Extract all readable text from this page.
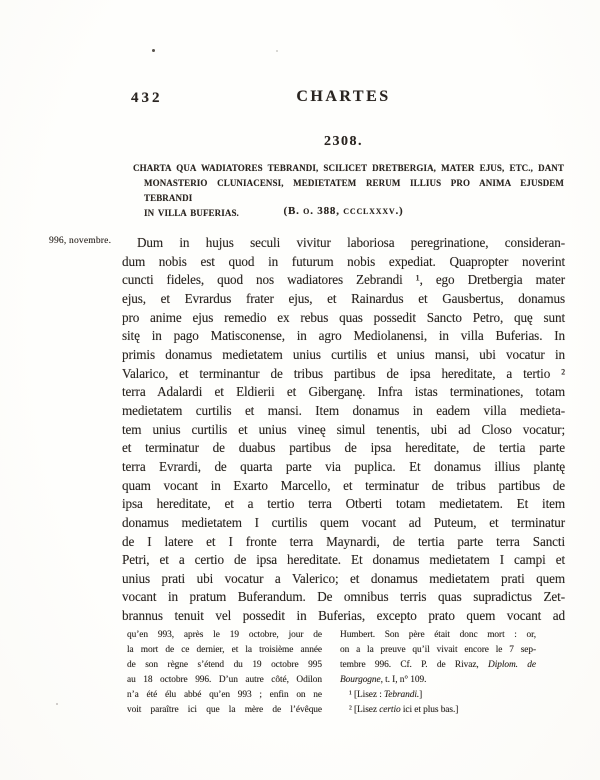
432	CHARTES
2308.
CHARTA QUA WADIATORES TEBRANDI, SCILICET DRETBERGIA, MATER EJUS, ETC., DANT
MONASTERIO CLUNIACENSI, MEDIETATEM RERUM ILLIUS PRO ANIMA EJUSDEM TEBRANDI
IN VILLA BUFERIAS.	(B. o. 388, ccclxxxv.)
996, novembre.	Dum in hujus seculi vivitur laboriosa peregrinatione, consideran-
dum nobis est quod in futurum nobis expediat. Quapropter noverint
cuncti fideles, quod nos wadiatores Zebrandi ¹, ego Dretbergia mater
ejus, et Evrardus frater ejus, et Rainardus et Gausbertus, donamus
pro anime ejus remedio ex rebus quas possedit Sancto Petro, quę sunt
sitę in pago Matisconense, in agro Mediolanensi, in villa Buferias. In
primis donamus medietatem unius curtilis et unius mansi, ubi vocatur in
Valarico, et terminantur de tribus partibus de ipsa hereditate, a tertio ²
terra Adalardi et Eldierii et Giberganę. Infra istas terminationes, totam
medietatem curtilis et mansi. Item donamus in eadem villa medieta-
tem unius curtilis et unius vineę simul tenentis, ubi ad Closo vocatur;
et terminatur de duabus partibus de ipsa hereditate, de tertia parte
terra Evrardi, de quarta parte via puplica. Et donamus illius plantę
quam vocant in Exarto Marcello, et terminatur de tribus partibus de
ipsa hereditate, et a tertio terra Otberti totam medietatem. Et item
donamus medietatem I curtilis quem vocant ad Puteum, et terminatur
de I latere et I fronte terra Maynardi, de tertia parte terra Sancti
Petri, et a certio de ipsa hereditate. Et donamus medietatem I campi et
unius prati ubi vocatur a Valerico; et donamus medietatem prati quem
vocant in pratum Buferandum. De omnibus terris quas supradictus Zet-
brannus tenuit vel possedit in Buferias, excepto prato quem vocant ad
qu’en 993, après le 19 octobre, jour de
la mort de ce dernier, et la troisième année
de son règne s’étend du 19 octobre 995
au 18 octobre 996. D’un autre côté, Odilon
n’a été élu abbé qu’en 993 ; enfin on ne
voit paraître ici que la mère de l’évêque
Humbert. Son père était donc mort : or,
on a la preuve qu’il vivait encore le 7 sep-
tembre 996. Cf. P. de Rivaz, Diplom. de
Bourgogne, t. I, n° 109.
¹ [Lisez : Tebrandi.]
² [Lisez certio ici et plus bas.]
